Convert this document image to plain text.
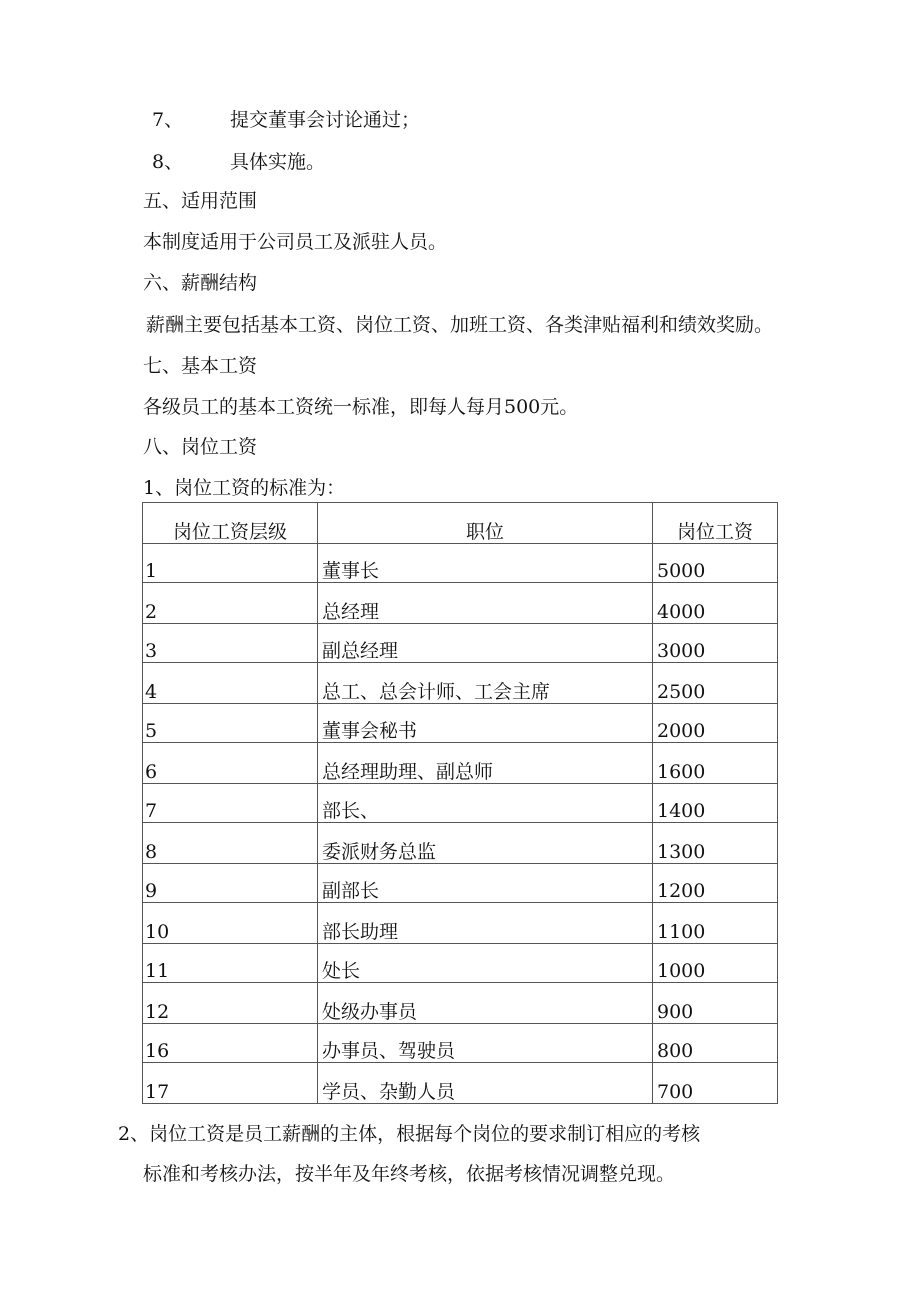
7、 提交董事会讨论通过；
8、 具体实施。
五、适用范围
本制度适用于公司员工及派驻人员。
六、薪酬结构
薪酬主要包括基本工资、岗位工资、加班工资、各类津贴福利和绩效奖励。
七、基本工资
各级员工的基本工资统一标准，即每人每月500元。
八、岗位工资
1、岗位工资的标准为：
岗位工资层级	职位	岗位工资
1	董事长	5000
2	总经理	4000
3	副总经理	3000
4	总工、总会计师、工会主席	2500
5	董事会秘书	2000
6	总经理助理、副总师	1600
7	部长、	1400
8	委派财务总监	1300
9	副部长	1200
10	部长助理	1100
11	处长	1000
12	处级办事员	900
16	办事员、驾驶员	800
17	学员、杂勤人员	700
2、岗位工资是员工薪酬的主体，根据每个岗位的要求制订相应的考核
标准和考核办法，按半年及年终考核，依据考核情况调整兑现。
